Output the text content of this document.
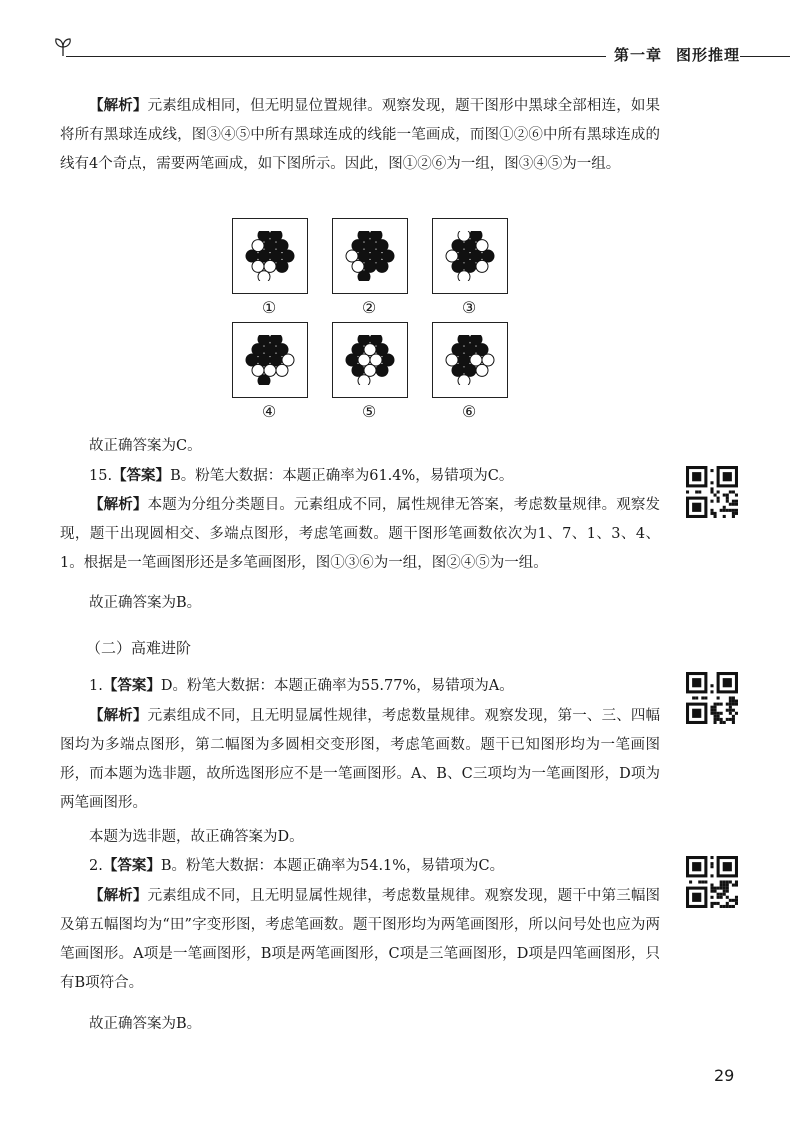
第一章 图形推理

【解析】元素组成相同，但无明显位置规律。观察发现，题干图形中黑球全部相连，如果将所有黑球连成线，图③④⑤中所有黑球连成的线能一笔画成，而图①②⑥中所有黑球连成的线有4个奇点，需要两笔画成，如下图所示。因此，图①②⑥为一组，图③④⑤为一组。

①	②	③
④	⑤	⑥

故正确答案为C。

15.【答案】B。粉笔大数据：本题正确率为61.4%，易错项为C。

【解析】本题为分组分类题目。元素组成不同，属性规律无答案，考虑数量规律。观察发现，题干出现圆相交、多端点图形，考虑笔画数。题干图形笔画数依次为1、7、1、3、4、1。根据是一笔画图形还是多笔画图形，图①③⑥为一组，图②④⑤为一组。

故正确答案为B。

（二）高难进阶

1.【答案】D。粉笔大数据：本题正确率为55.77%，易错项为A。

【解析】元素组成不同，且无明显属性规律，考虑数量规律。观察发现，第一、三、四幅图均为多端点图形，第二幅图为多圆相交变形图，考虑笔画数。题干已知图形均为一笔画图形，而本题为选非题，故所选图形应不是一笔画图形。A、B、C三项均为一笔画图形，D项为两笔画图形。

本题为选非题，故正确答案为D。

2.【答案】B。粉笔大数据：本题正确率为54.1%，易错项为C。

【解析】元素组成不同，且无明显属性规律，考虑数量规律。观察发现，题干中第三幅图及第五幅图均为“田”字变形图，考虑笔画数。题干图形均为两笔画图形，所以问号处也应为两笔画图形。A项是一笔画图形，B项是两笔画图形，C项是三笔画图形，D项是四笔画图形，只有B项符合。

故正确答案为B。

29
